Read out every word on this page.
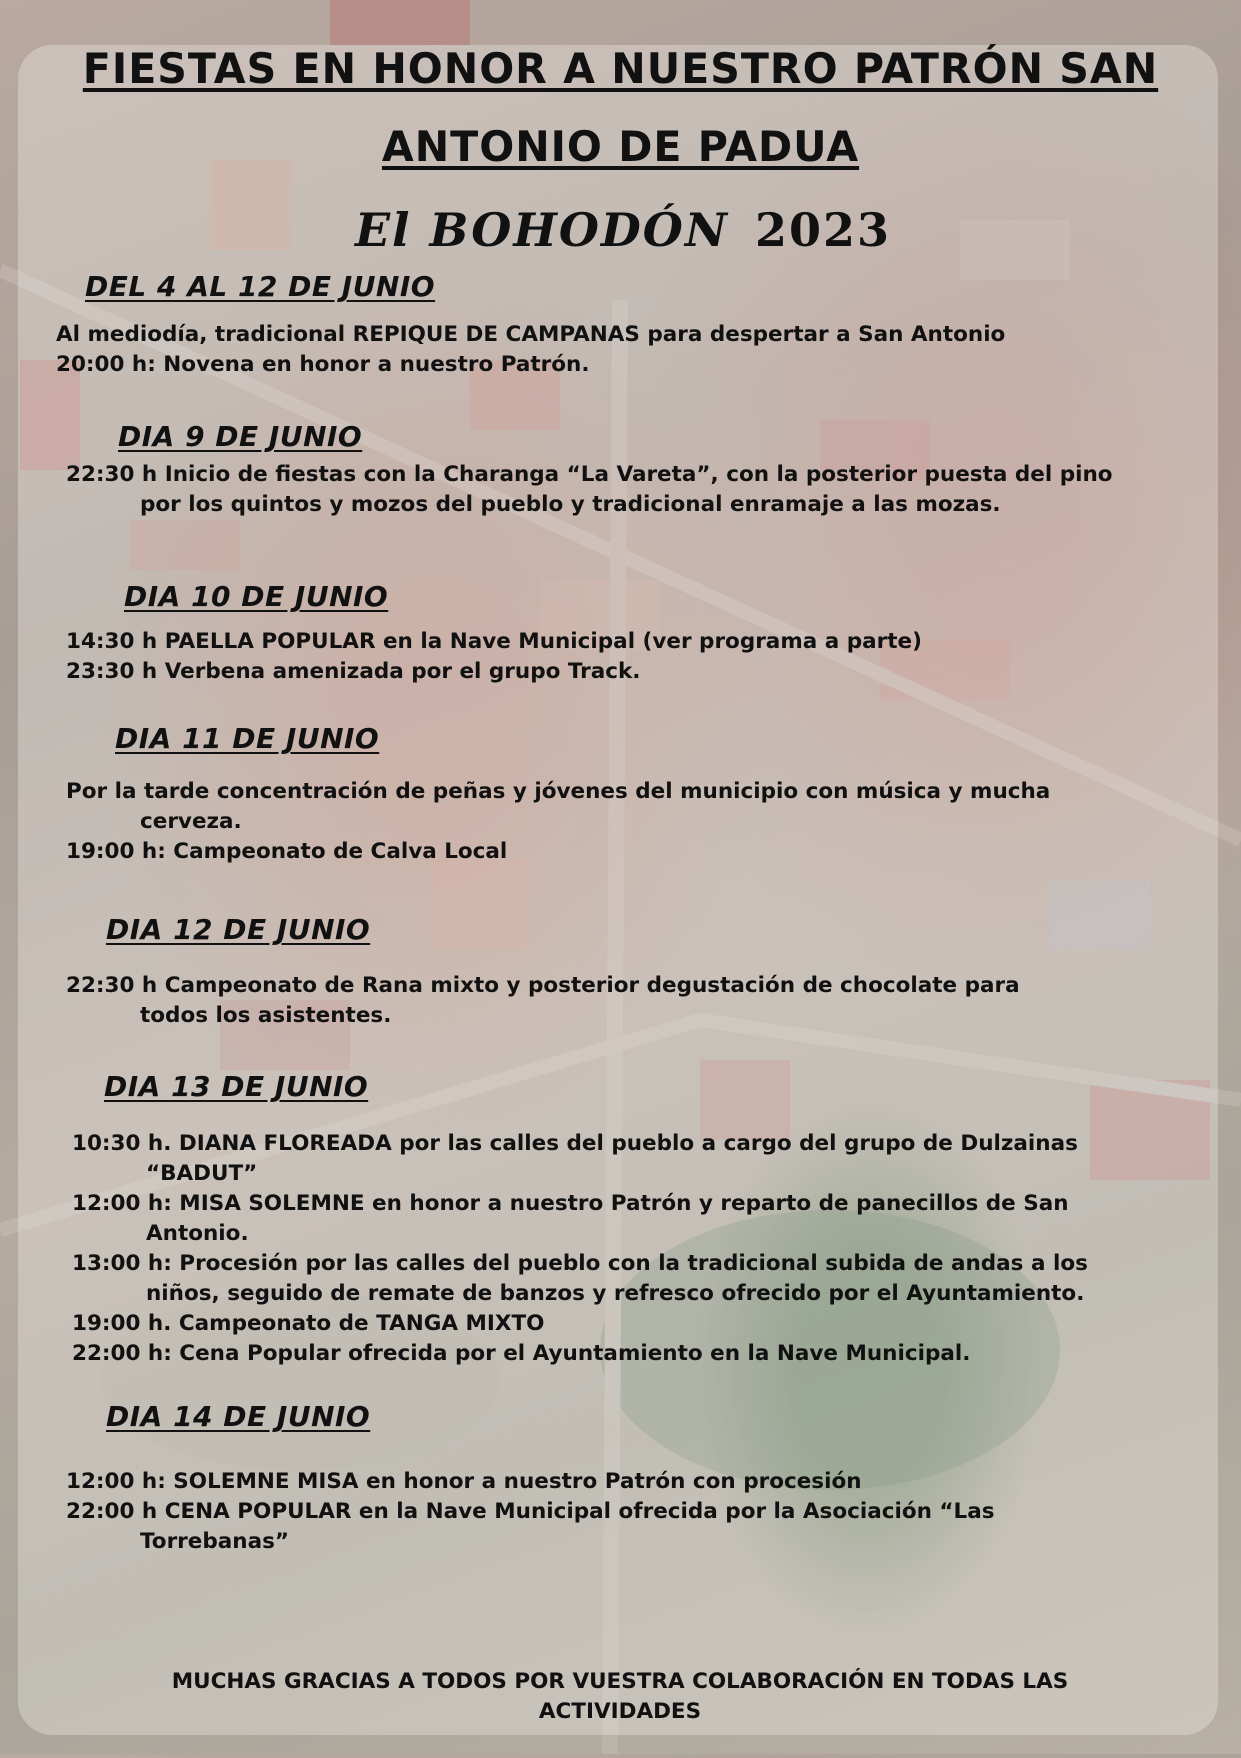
FIESTAS EN HONOR A NUESTRO PATRÓN SAN
ANTONIO DE PADUA
El BOHODÓN 2023
DEL 4 AL 12 DE JUNIO
Al mediodía, tradicional REPIQUE DE CAMPANAS para despertar a San Antonio
20:00 h: Novena en honor a nuestro Patrón.
DIA 9 DE JUNIO
22:30 h Inicio de fiestas con la Charanga “La Vareta”, con la posterior puesta del pino
por los quintos y mozos del pueblo y tradicional enramaje a las mozas.
DIA 10 DE JUNIO
14:30 h PAELLA POPULAR en la Nave Municipal (ver programa a parte)
23:30 h Verbena amenizada por el grupo Track.
DIA 11 DE JUNIO
Por la tarde concentración de peñas y jóvenes del municipio con música y mucha
cerveza.
19:00 h: Campeonato de Calva Local
DIA 12 DE JUNIO
22:30 h Campeonato de Rana mixto y posterior degustación de chocolate para
todos los asistentes.
DIA 13 DE JUNIO
10:30 h. DIANA FLOREADA por las calles del pueblo a cargo del grupo de Dulzainas
“BADUT”
12:00 h: MISA SOLEMNE en honor a nuestro Patrón y reparto de panecillos de San
Antonio.
13:00 h: Procesión por las calles del pueblo con la tradicional subida de andas a los
niños, seguido de remate de banzos y refresco ofrecido por el Ayuntamiento.
19:00 h. Campeonato de TANGA MIXTO
22:00 h: Cena Popular ofrecida por el Ayuntamiento en la Nave Municipal.
DIA 14 DE JUNIO
12:00 h: SOLEMNE MISA en honor a nuestro Patrón con procesión
22:00 h CENA POPULAR en la Nave Municipal ofrecida por la Asociación “Las
Torrebanas”
MUCHAS GRACIAS A TODOS POR VUESTRA COLABORACIÓN EN TODAS LAS
ACTIVIDADES
